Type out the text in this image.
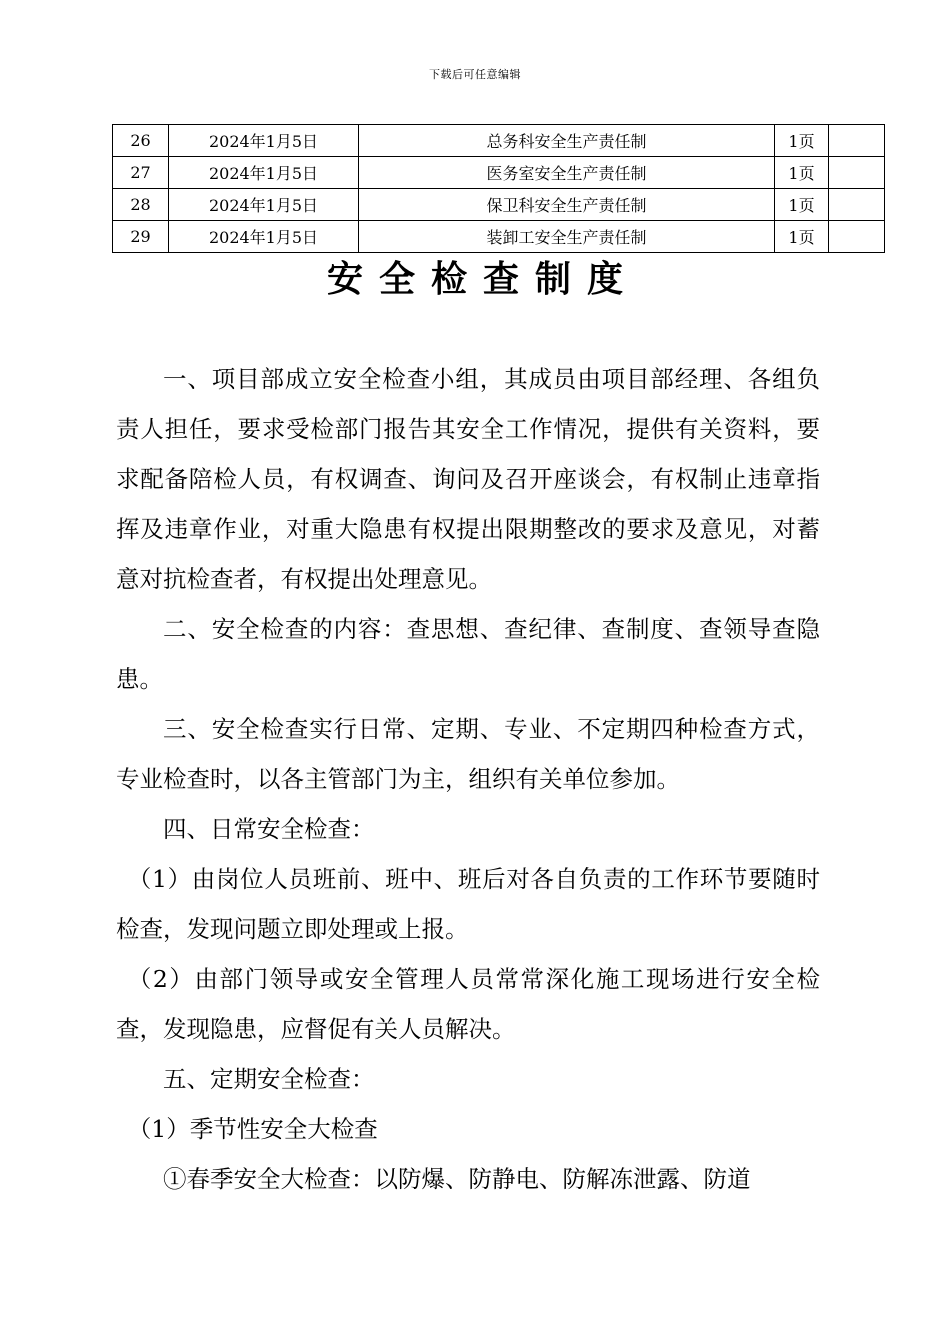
下载后可任意编辑
26	2024年1月5日	总务科安全生产责任制	1页	
27	2024年1月5日	医务室安全生产责任制	1页	
28	2024年1月5日	保卫科安全生产责任制	1页	
29	2024年1月5日	装卸工安全生产责任制	1页	
安全检查制度

一、项目部成立安全检查小组，其成员由项目部经理、各组负责人担任，要求受检部门报告其安全工作情况，提供有关资料，要求配备陪检人员，有权调查、询问及召开座谈会，有权制止违章指挥及违章作业，对重大隐患有权提出限期整改的要求及意见，对蓄意对抗检查者，有权提出处理意见。

二、安全检查的内容：查思想、查纪律、查制度、查领导查隐患。

三、安全检查实行日常、定期、专业、不定期四种检查方式，专业检查时，以各主管部门为主，组织有关单位参加。

四、日常安全检查：

（1）由岗位人员班前、班中、班后对各自负责的工作环节要随时检查，发现问题立即处理或上报。

（2）由部门领导或安全管理人员常常深化施工现场进行安全检查，发现隐患，应督促有关人员解决。

五、定期安全检查：

（1）季节性安全大检查

①春季安全大检查：以防爆、防静电、防解冻泄露、防道
